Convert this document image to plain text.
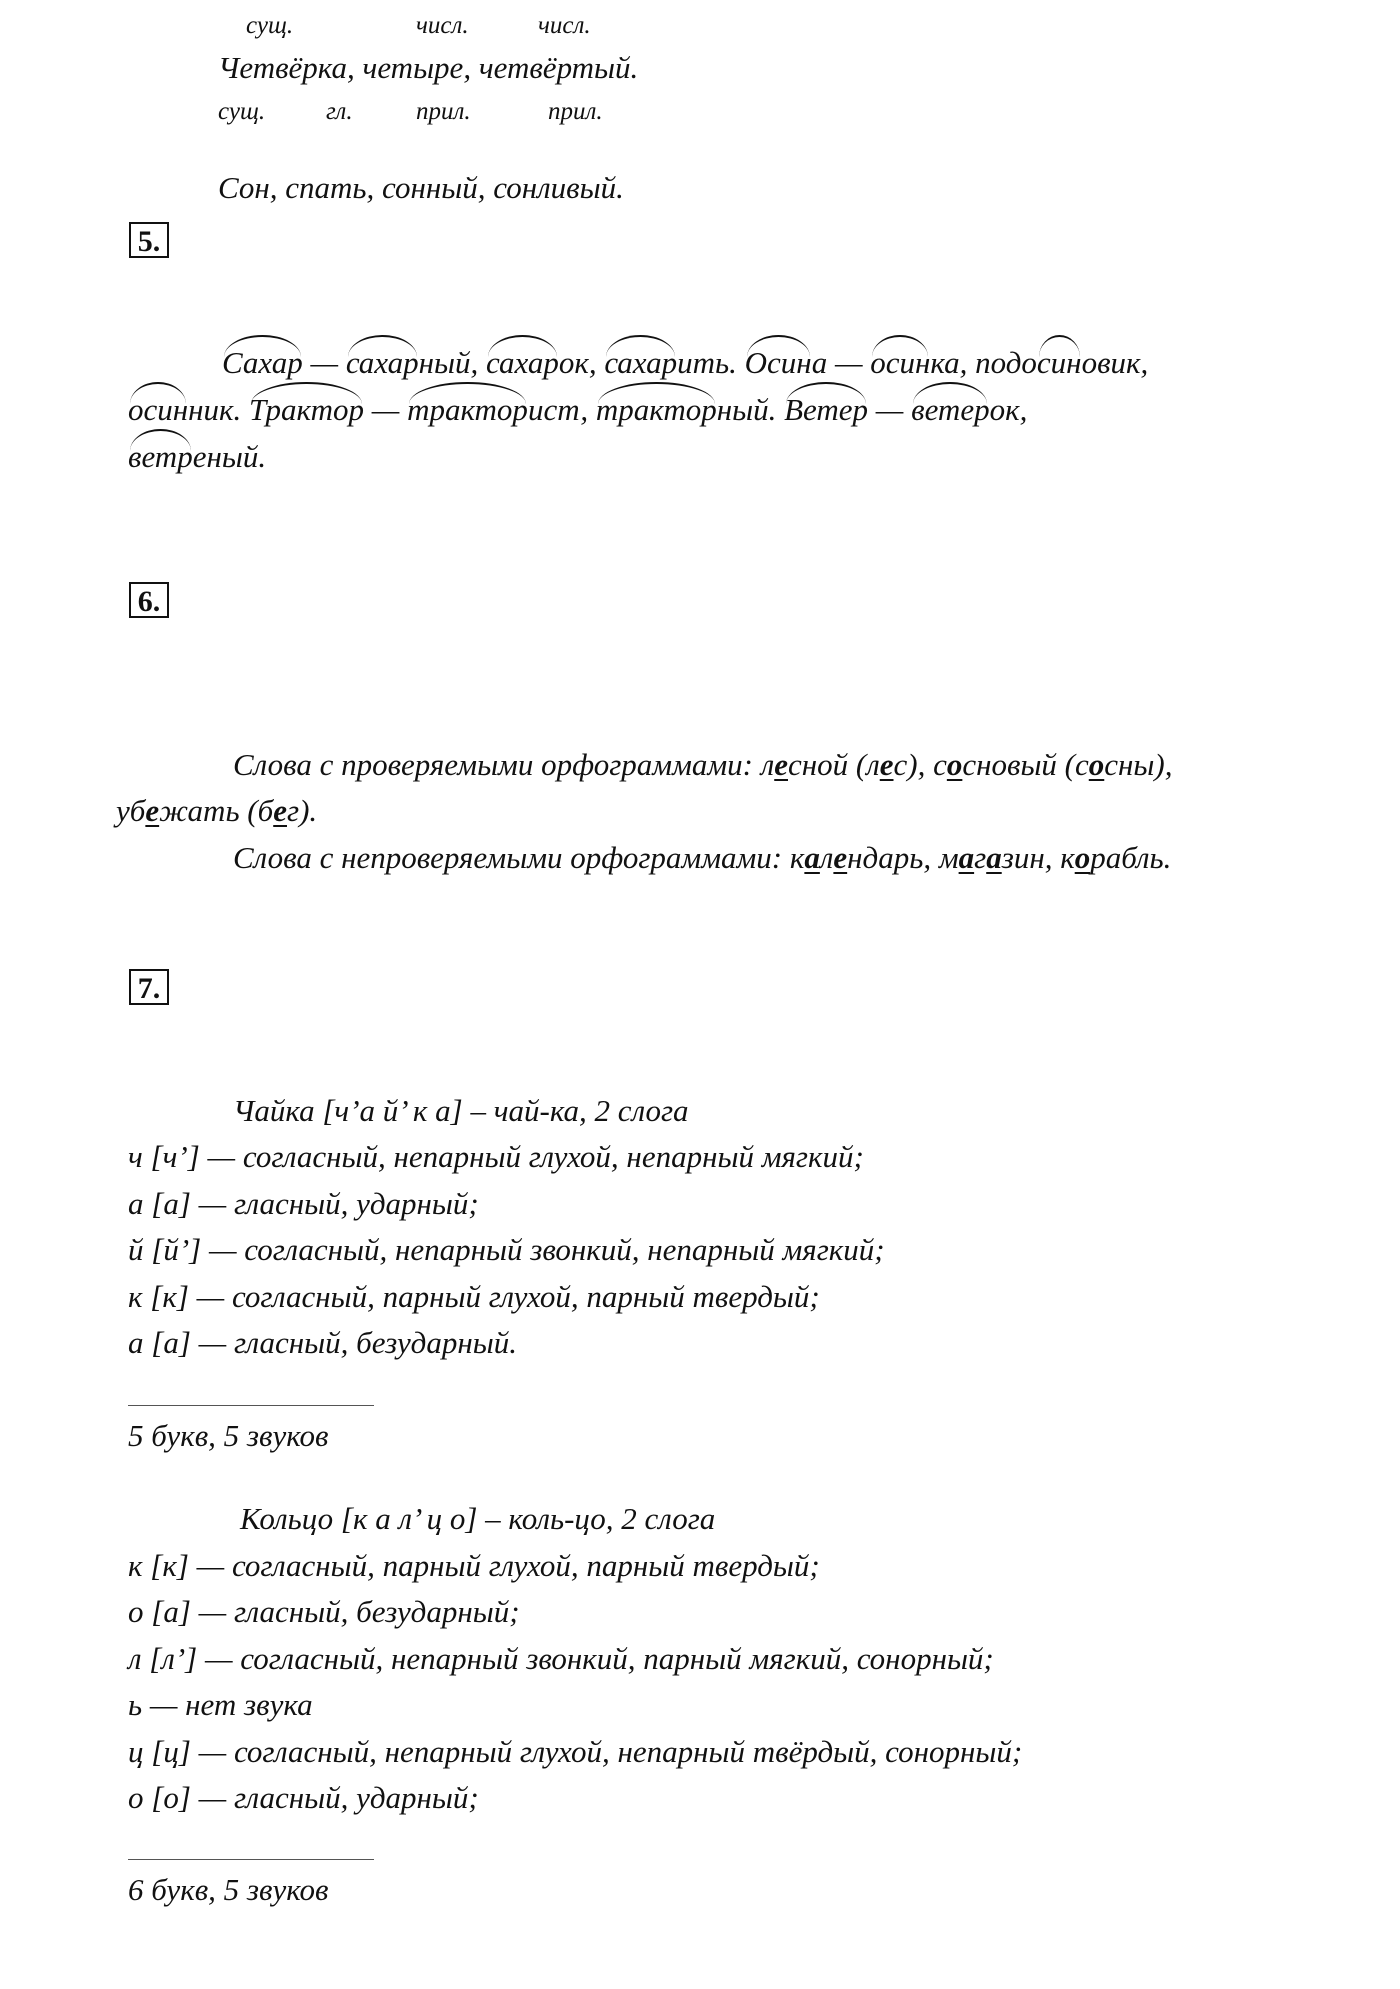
сущ.	числ.	числ.
Четвёрка, четыре, четвёртый.
сущ. гл.	прил.	прил.
Сон, спать, сонный, сонливый.
5.
Сахар —
сахарный,
сахарок,
сахарить.
Осина —
осинка, подо
синовик,
осинник.
Трактор —
тракторист,
тракторный.
Ветер —
ветерок,
ветреный.
6.
Слова с проверяемыми орфограммами: лесной (лес), сосновый (сосны),
убежать (бег).
Слова с непроверяемыми орфограммами: календарь, магазин, корабль.
7.
Чайка [ч’а й’ к а] – чай-ка, 2 слога
ч [ч’] — согласный, непарный глухой, непарный мягкий;
а [а] — гласный, ударный;
й [й’] — согласный, непарный звонкий, непарный мягкий;
к [к] — согласный, парный глухой, парный твердый;
а [а] — гласный, безударный.
5 букв, 5 звуков
Кольцо [к а л’ ц о] – коль-цо, 2 слога
к [к] — согласный, парный глухой, парный твердый;
о [а] — гласный, безударный;
л [л’] — согласный, непарный звонкий, парный мягкий, сонорный;
ь — нет звука
ц [ц] — согласный, непарный глухой, непарный твёрдый, сонорный;
о [о] — гласный, ударный;
6 букв, 5 звуков
